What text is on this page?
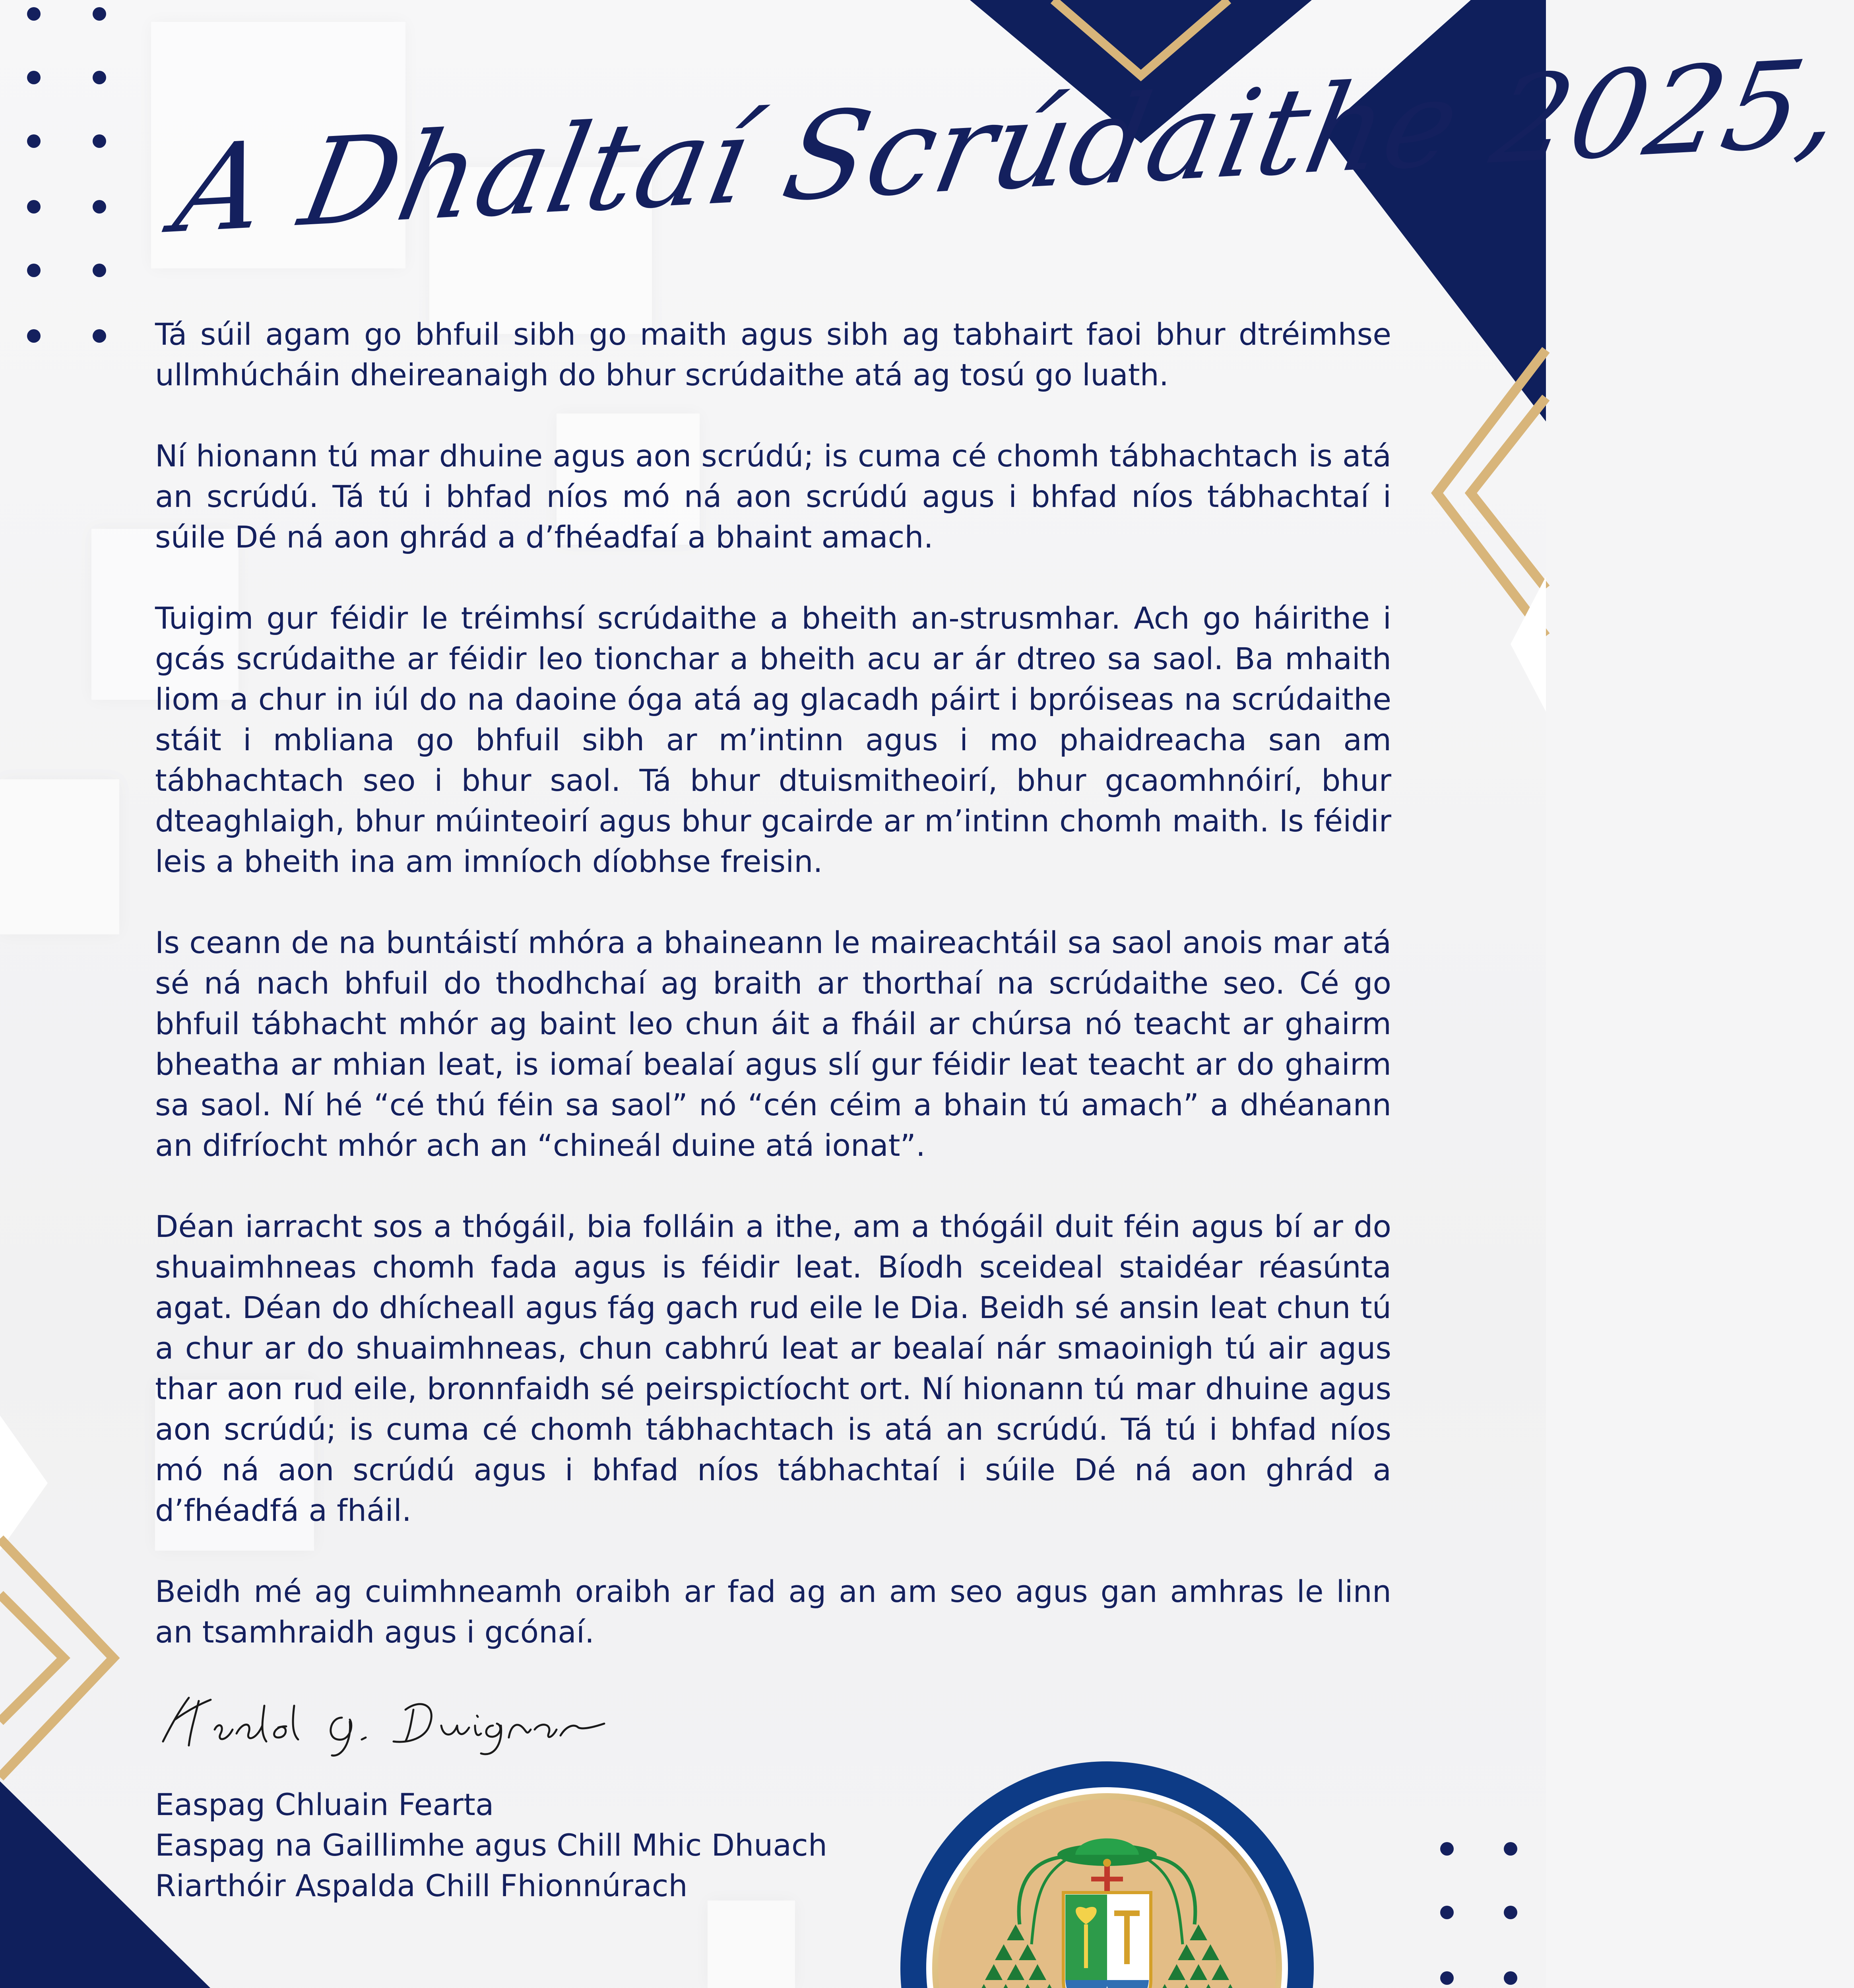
A Dhaltaí Scrúdaithe 2025,

Tá súil agam go bhfuil sibh go maith agus sibh ag tabhairt faoi bhur dtréimhse ullmhúcháin dheireanaigh do bhur scrúdaithe atá ag tosú go luath.

Ní hionann tú mar dhuine agus aon scrúdú; is cuma cé chomh tábhachtach is atá an scrúdú. Tá tú i bhfad níos mó ná aon scrúdú agus i bhfad níos tábhachtaí i súile Dé ná aon ghrád a d’fhéadfaí a bhaint amach.

Tuigim gur féidir le tréimhsí scrúdaithe a bheith an-strusmhar. Ach go háirithe i gcás scrúdaithe ar féidir leo tionchar a bheith acu ar ár dtreo sa saol. Ba mhaith liom a chur in iúl do na daoine óga atá ag glacadh páirt i bpróiseas na scrúdaithe stáit i mbliana go bhfuil sibh ar m’intinn agus i mo phaidreacha san am tábhachtach seo i bhur saol. Tá bhur dtuismitheoirí, bhur gcaomhnóirí, bhur dteaghlaigh, bhur múinteoirí agus bhur gcairde ar m’intinn chomh maith. Is féidir leis a bheith ina am imníoch díobhse freisin.

Is ceann de na buntáistí mhóra a bhaineann le maireachtáil sa saol anois mar atá sé ná nach bhfuil do thodhchaí ag braith ar thorthaí na scrúdaithe seo. Cé go bhfuil tábhacht mhór ag baint leo chun áit a fháil ar chúrsa nó teacht ar ghairm bheatha ar mhian leat, is iomaí bealaí agus slí gur féidir leat teacht ar do ghairm sa saol. Ní hé “cé thú féin sa saol” nó “cén céim a bhain tú amach” a dhéanann an difríocht mhór ach an “chineál duine atá ionat”.

Déan iarracht sos a thógáil, bia folláin a ithe, am a thógáil duit féin agus bí ar do shuaimhneas chomh fada agus is féidir leat. Bíodh sceideal staidéar réasúnta agat. Déan do dhícheall agus fág gach rud eile le Dia. Beidh sé ansin leat chun tú a chur ar do shuaimhneas, chun cabhrú leat ar bealaí nár smaoinigh tú air agus thar aon rud eile, bronnfaidh sé peirspictíocht ort. Ní hionann tú mar dhuine agus aon scrúdú; is cuma cé chomh tábhachtach is atá an scrúdú. Tá tú i bhfad níos mó ná aon scrúdú agus i bhfad níos tábhachtaí i súile Dé ná aon ghrád a d’fhéadfá a fháil.

Beidh mé ag cuimhneamh oraibh ar fad ag an am seo agus gan amhras le linn an tsamhraidh agus i gcónaí.

Easpag Chluain Fearta
Easpag na Gaillimhe agus Chill Mhic Dhuach
Riarthóir Aspalda Chill Fhionnúrach
